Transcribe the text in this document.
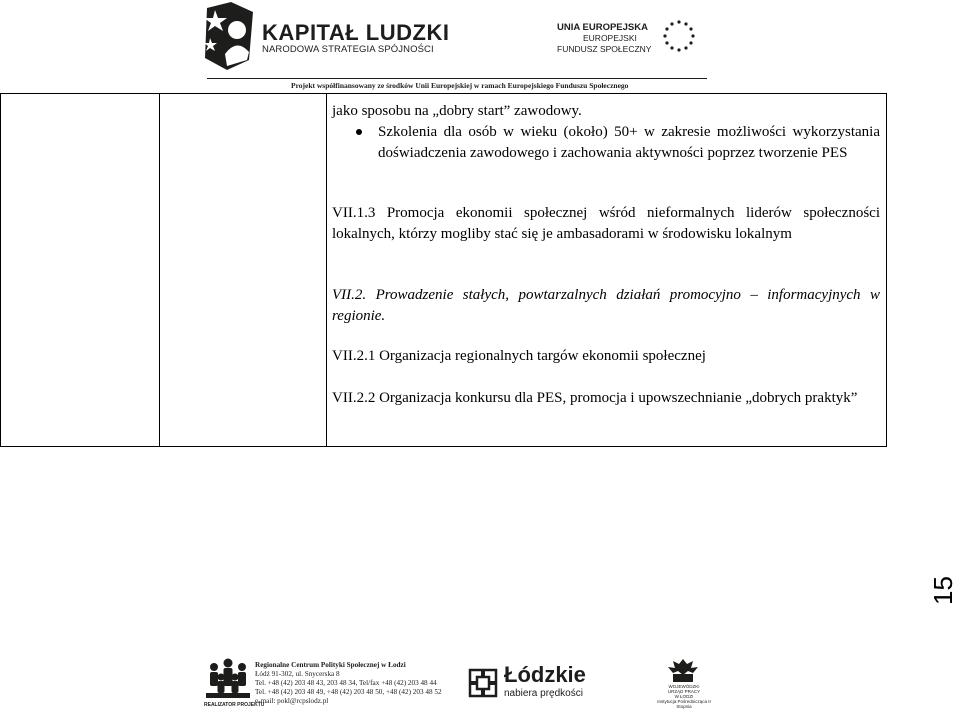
KAPITAŁ LUDZKI
NARODOWA STRATEGIA SPÓJNOŚCI
UNIA EUROPEJSKA
EUROPEJSKI
FUNDUSZ SPOŁECZNY
Projekt współfinansowany ze środków Unii Europejskiej w ramach Europejskiego Funduszu Społecznego

jako sposobu na „dobry start” zawodowy.

Szkolenia dla osób w wieku (około) 50+ w zakresie możliwości wykorzystania doświadczenia zawodowego i zachowania aktywności poprzez tworzenie PES

VII.1.3 Promocja ekonomii społecznej wśród nieformalnych liderów społeczności lokalnych, którzy mogliby stać się je ambasadorami w środowisku lokalnym

VII.2. Prowadzenie stałych, powtarzalnych działań promocyjno – informacyjnych w regionie.

VII.2.1 Organizacja regionalnych targów ekonomii społecznej

VII.2.2 Organizacja konkursu dla PES, promocja i upowszechnianie „dobrych praktyk”

15
REALIZATOR PROJEKTU
Regionalne Centrum Polityki Społecznej w Łodzi
Łódź 91-302, ul. Snycerska 8
Tel. +48 (42) 203 48 43, 203 48 34, Tel/fax +48 (42) 203 48 44
Tel. +48 (42) 203 48 49, +48 (42) 203 48 50, +48 (42) 203 48 52
e-mail: pokl@rcpslodz.pl
Łódzkie
nabiera prędkości
WOJEWÓDZKI
URZĄD PRACY
W ŁODZI
Instytucja Pośrednicząca II Stopnia
